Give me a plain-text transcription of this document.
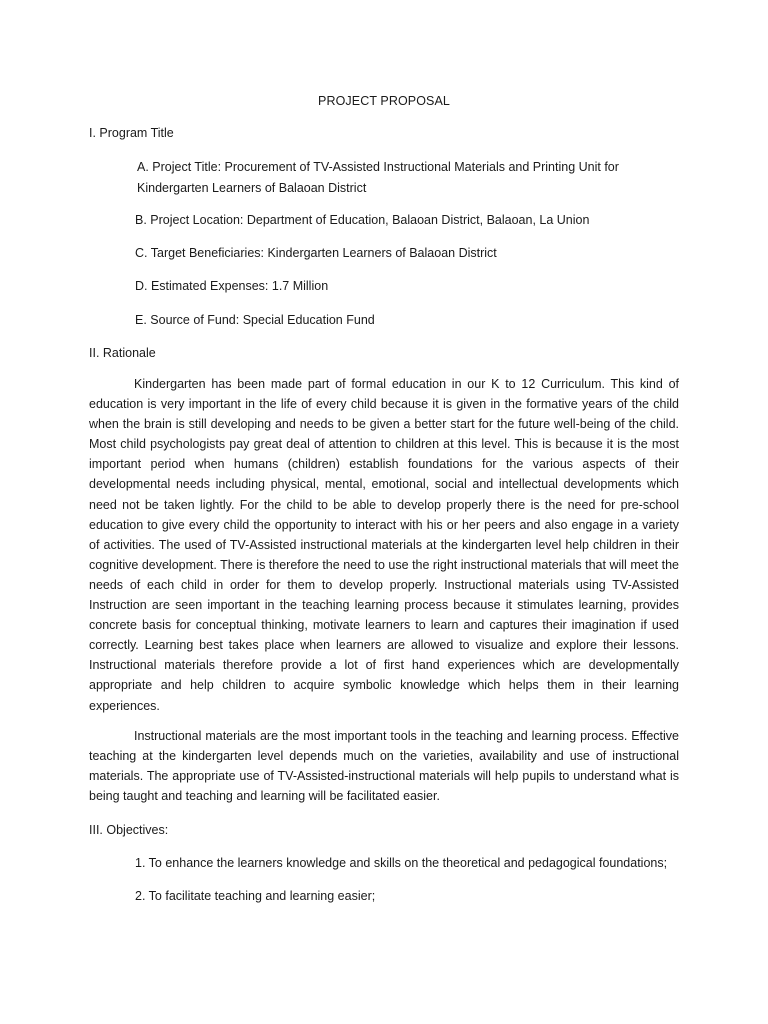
PROJECT PROPOSAL
I. Program Title
A. Project Title: Procurement of TV-Assisted Instructional Materials and Printing Unit for Kindergarten Learners of Balaoan District
B. Project Location: Department of Education, Balaoan District, Balaoan, La Union
C. Target Beneficiaries: Kindergarten Learners of Balaoan District
D. Estimated Expenses: 1.7 Million
E. Source of Fund: Special Education Fund
II. Rationale

Kindergarten has been made part of formal education in our K to 12 Curriculum. This kind of education is very important in the life of every child because it is given in the formative years of the child when the brain is still developing and needs to be given a better start for the future well-being of the child. Most child psychologists pay great deal of attention to children at this level. This is because it is the most important period when humans (children) establish foundations for the various aspects of their developmental needs including physical, mental, emotional, social and intellectual developments which need not be taken lightly. For the child to be able to develop properly there is the need for pre-school education to give every child the opportunity to interact with his or her peers and also engage in a variety of activities. The used of TV-Assisted instructional materials at the kindergarten level help children in their cognitive development. There is therefore the need to use the right instructional materials that will meet the needs of each child in order for them to develop properly. Instructional materials using TV-Assisted Instruction are seen important in the teaching learning process because it stimulates learning, provides concrete basis for conceptual thinking, motivate learners to learn and captures their imagination if used correctly. Learning best takes place when learners are allowed to visualize and explore their lessons. Instructional materials therefore provide a lot of first hand experiences which are developmentally appropriate and help children to acquire symbolic knowledge which helps them in their learning experiences.

Instructional materials are the most important tools in the teaching and learning process. Effective teaching at the kindergarten level depends much on the varieties, availability and use of instructional materials. The appropriate use of TV-Assisted-instructional materials will help pupils to understand what is being taught and teaching and learning will be facilitated easier.

III. Objectives:
1. To enhance the learners knowledge and skills on the theoretical and pedagogical foundations;
2. To facilitate teaching and learning easier;
